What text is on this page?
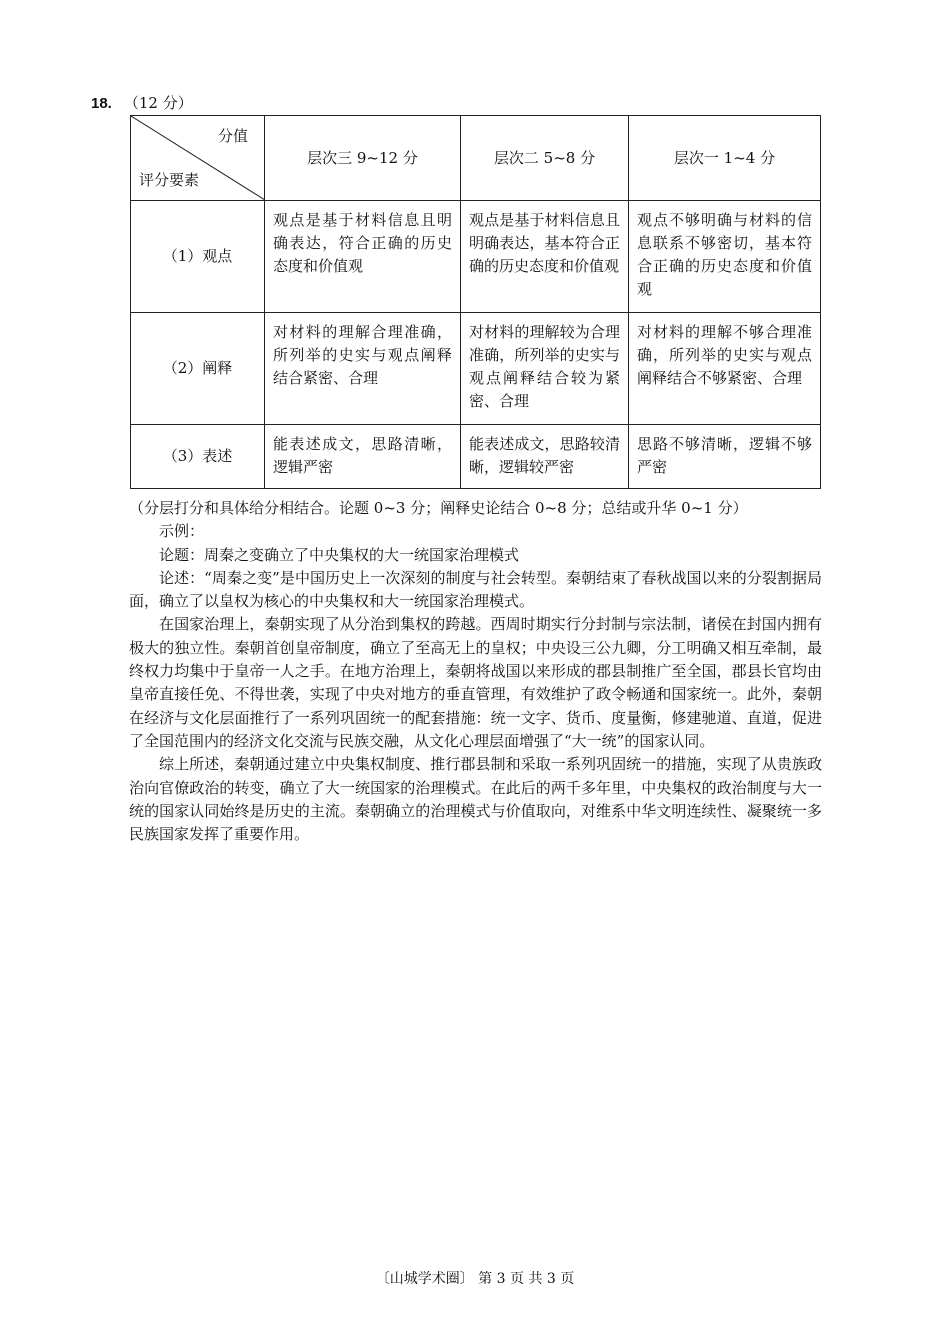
18. （12 分）
分值
评分要素	层次三 9~12 分	层次二 5~8 分	层次一 1~4 分
（1）观点	观点是基于材料信息且明确表达，符合正确的历史态度和价值观	观点是基于材料信息且明确表达，基本符合正确的历史态度和价值观	观点不够明确与材料的信息联系不够密切，基本符合正确的历史态度和价值观
（2）阐释	对材料的理解合理准确，所列举的史实与观点阐释结合紧密、合理	对材料的理解较为合理准确，所列举的史实与观点阐释结合较为紧密、合理	对材料的理解不够合理准确，所列举的史实与观点阐释结合不够紧密、合理
（3）表述	能表述成文，思路清晰，逻辑严密	能表述成文，思路较清晰，逻辑较严密	思路不够清晰，逻辑不够严密

（分层打分和具体给分相结合。论题 0~3 分；阐释史论结合 0~8 分；总结或升华 0~1 分）

示例：

论题：周秦之变确立了中央集权的大一统国家治理模式

论述：“周秦之变”是中国历史上一次深刻的制度与社会转型。秦朝结束了春秋战国以来的分裂割据局面，确立了以皇权为核心的中央集权和大一统国家治理模式。

在国家治理上，秦朝实现了从分治到集权的跨越。西周时期实行分封制与宗法制，诸侯在封国内拥有极大的独立性。秦朝首创皇帝制度，确立了至高无上的皇权；中央设三公九卿，分工明确又相互牵制，最终权力均集中于皇帝一人之手。在地方治理上，秦朝将战国以来形成的郡县制推广至全国，郡县长官均由皇帝直接任免、不得世袭，实现了中央对地方的垂直管理，有效维护了政令畅通和国家统一。此外，秦朝在经济与文化层面推行了一系列巩固统一的配套措施：统一文字、货币、度量衡，修建驰道、直道，促进了全国范围内的经济文化交流与民族交融，从文化心理层面增强了“大一统”的国家认同。

综上所述，秦朝通过建立中央集权制度、推行郡县制和采取一系列巩固统一的措施，实现了从贵族政治向官僚政治的转变，确立了大一统国家的治理模式。在此后的两千多年里，中央集权的政治制度与大一统的国家认同始终是历史的主流。秦朝确立的治理模式与价值取向，对维系中华文明连续性、凝聚统一多民族国家发挥了重要作用。

〔山城学术圈〕 第 3 页 共 3 页
